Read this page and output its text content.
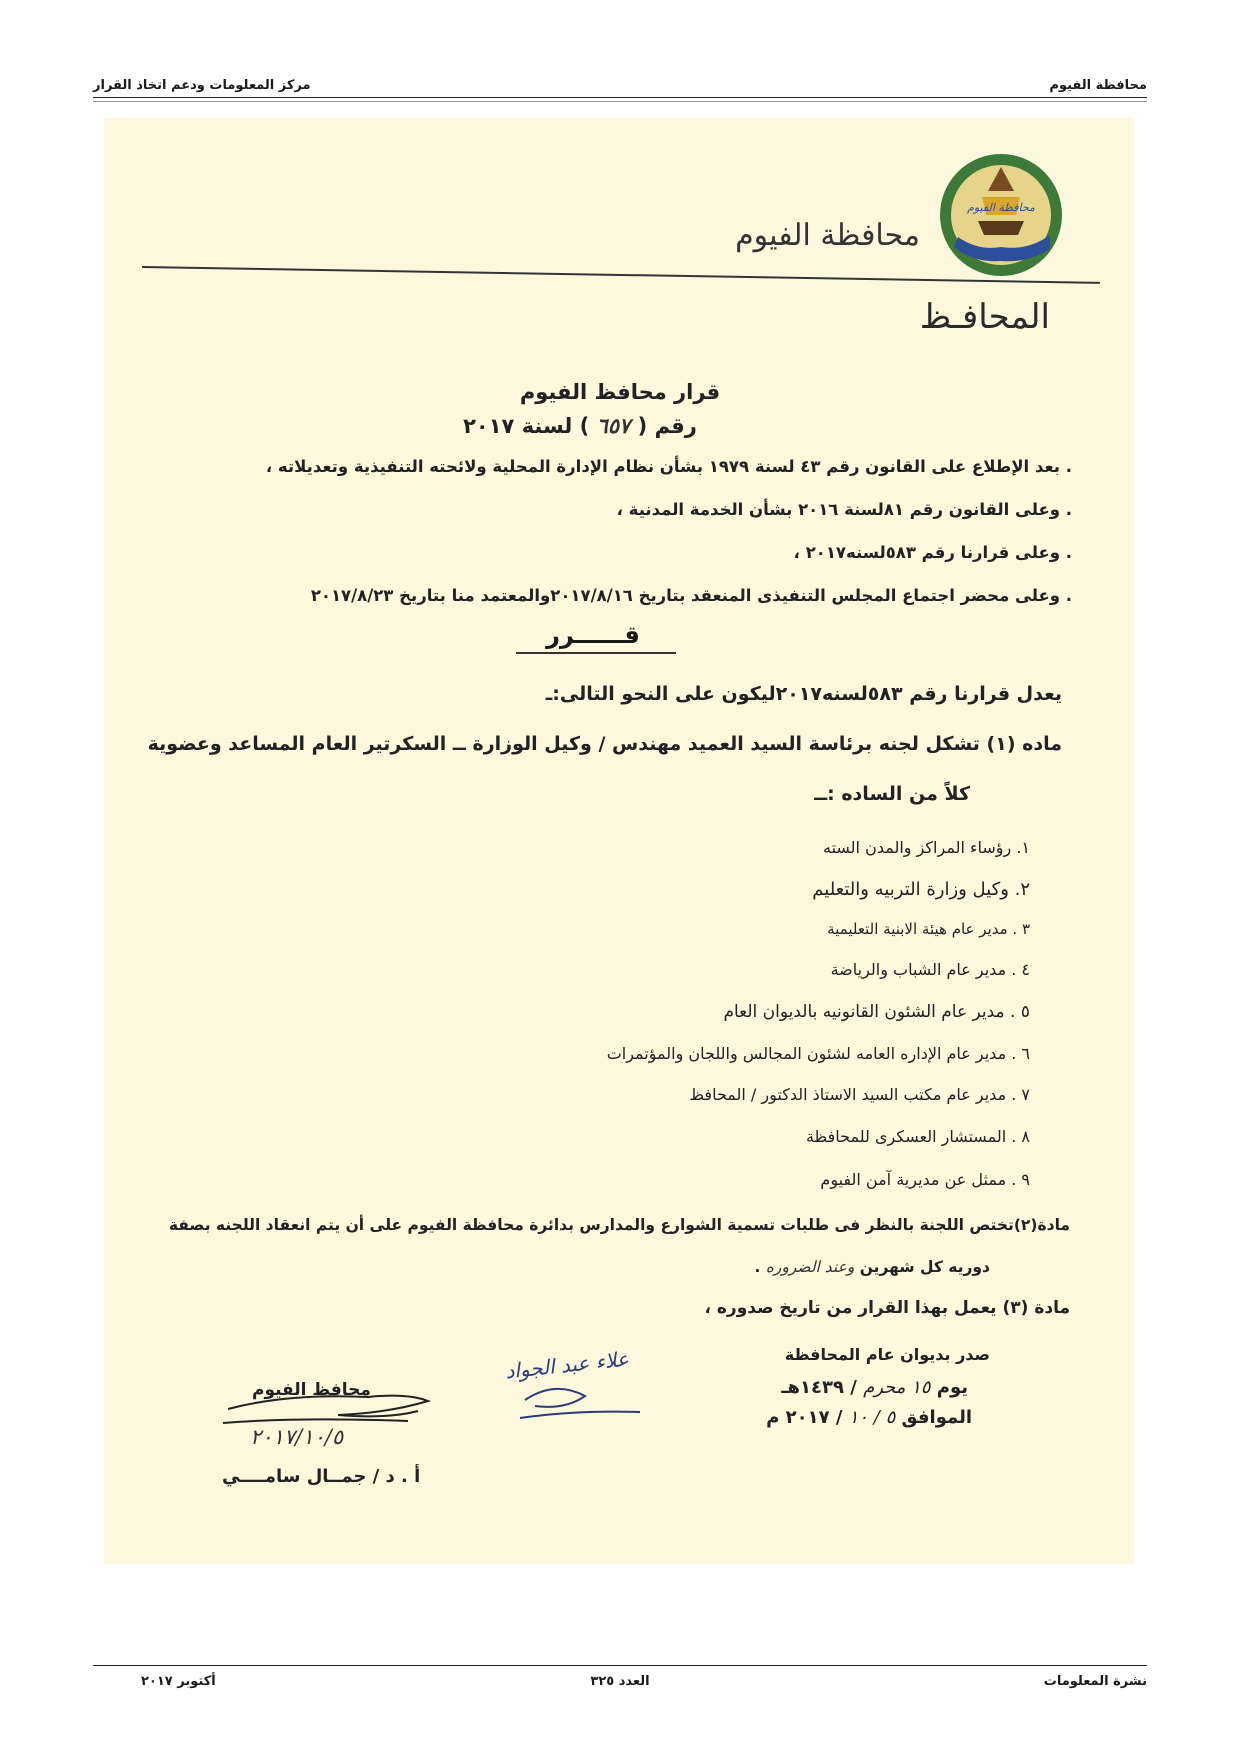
محافظة الفيوم
مركز المعلومات ودعم اتخاذ القرار
محافظة الفيوم
محافظة الفيوم
المحافـظ
قرار محافظ الفيوم
رقم ( ٦٥٧ ) لسنة ٢٠١٧
. بعد الإطلاع على القانون رقم ٤٣ لسنة ١٩٧٩ بشأن نظام الإدارة المحلية ولائحته التنفيذية وتعديلاته ،
. وعلى القانون رقم ٨١لسنة ٢٠١٦ بشأن الخدمة المدنية ،
. وعلى قرارنا رقم ٥٨٣لسنه٢٠١٧ ،
. وعلى محضر اجتماع المجلس التنفيذى المنعقد بتاريخ ٢٠١٧/٨/١٦والمعتمد منا بتاريخ ٢٠١٧/٨/٢٣
قــــــرر
يعدل قرارنا رقم ٥٨٣لسنه٢٠١٧ليكون على النحو التالى:ـ
ماده (١) تشكل لجنه برئاسة السيد العميد مهندس / وكيل الوزارة ــ السكرتير العام المساعد وعضوية
كلاً من الساده :ــ
١. رؤساء المراكز والمدن السته
٢. وكيل وزارة التربيه والتعليم
٣ . مدير عام هيئة الابنية التعليمية
٤ . مدير عام الشباب والرياضة
٥ . مدير عام الشئون القانونيه بالديوان العام
٦ . مدير عام الإداره العامه لشئون المجالس واللجان والمؤتمرات
٧ . مدير عام مكتب السيد الاستاذ الدكتور / المحافظ
٨ . المستشار العسكرى للمحافظة
٩ . ممثل عن مديرية آمن الفيوم
مادة(٢)تختص اللجنة بالنظر فى طلبات تسمية الشوارع والمدارس بدائرة محافظة الفيوم على أن يتم انعقاد اللجنه بصفة
دوريه كل شهرين وعند الضروره .
مادة (٣) يعمل بهذا القرار من تاريخ صدوره ،
صدر بديوان عام المحافظة
يوم ١٥ محرم / ١٤٣٩هـ
الموافق ٥ / ١٠ / ٢٠١٧ م
علاء عبد الجواد
محافظ الفيوم
٢٠١٧/١٠/٥
أ . د / جمــال سامــــي
نشرة المعلومات
العدد ٣٢٥
أكتوبر ٢٠١٧
